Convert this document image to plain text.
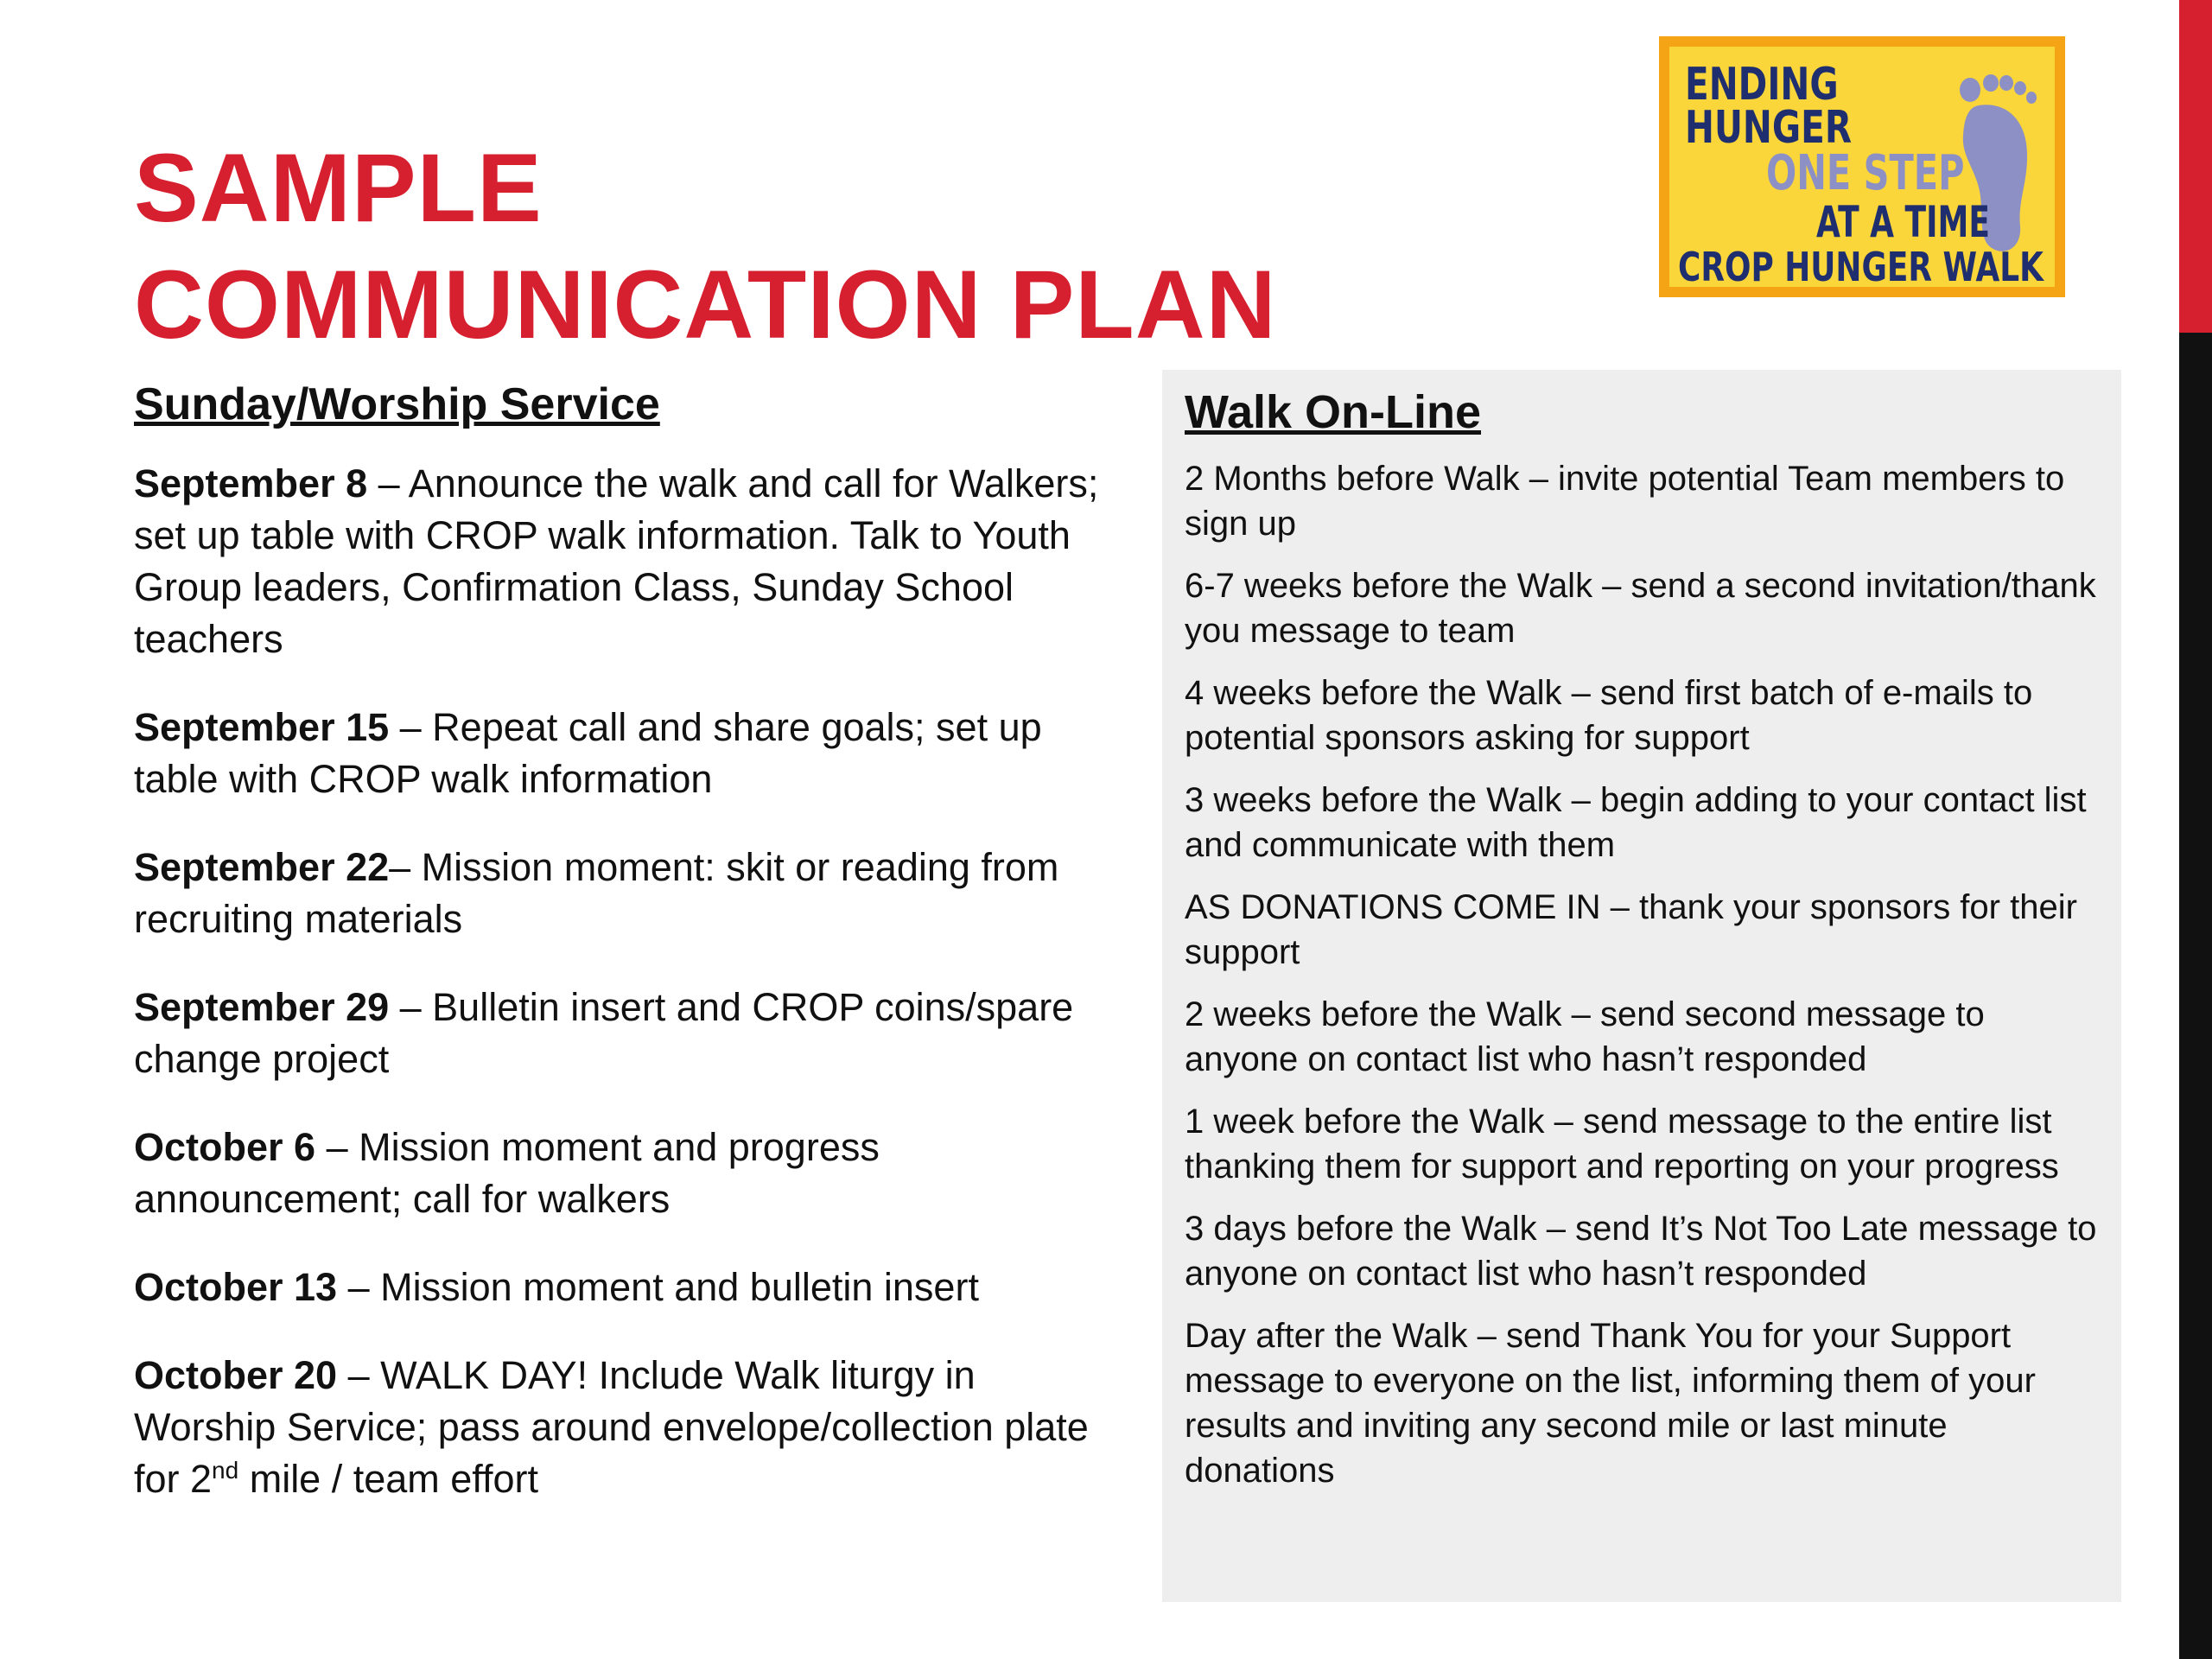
SAMPLE
COMMUNICATION PLAN
ENDING
HUNGER
ONE STEP
AT A TIME
CROP HUNGER WALK
Sunday/Worship Service
September 8 – Announce the walk and call for Walkers; set up table with CROP walk information. Talk to Youth Group leaders, Confirmation Class, Sunday School teachers
September 15 – Repeat call and share goals; set up table with CROP walk information
September 22– Mission moment: skit or reading from recruiting materials
September 29 – Bulletin insert and CROP coins/spare change project
October 6 – Mission moment and progress announcement; call for walkers
October 13 – Mission moment and bulletin insert
October 20 – WALK DAY! Include Walk liturgy in Worship Service; pass around envelope/collection plate for 2nd mile / team effort
Walk On-Line
2 Months before Walk – invite potential Team members to sign up
6-7 weeks before the Walk – send a second invitation/thank you message to team
4 weeks before the Walk – send first batch of e-mails to potential sponsors asking for support
3 weeks before the Walk – begin adding to your contact list and communicate with them
AS DONATIONS COME IN – thank your sponsors for their support
2 weeks before the Walk – send second message to anyone on contact list who hasn’t responded
1 week before the Walk – send message to the entire list thanking them for support and reporting on your progress
3 days before the Walk – send It’s Not Too Late message to anyone on contact list who hasn’t responded
Day after the Walk – send Thank You for your Support message to everyone on the list, informing them of your results and inviting any second mile or last minute donations
